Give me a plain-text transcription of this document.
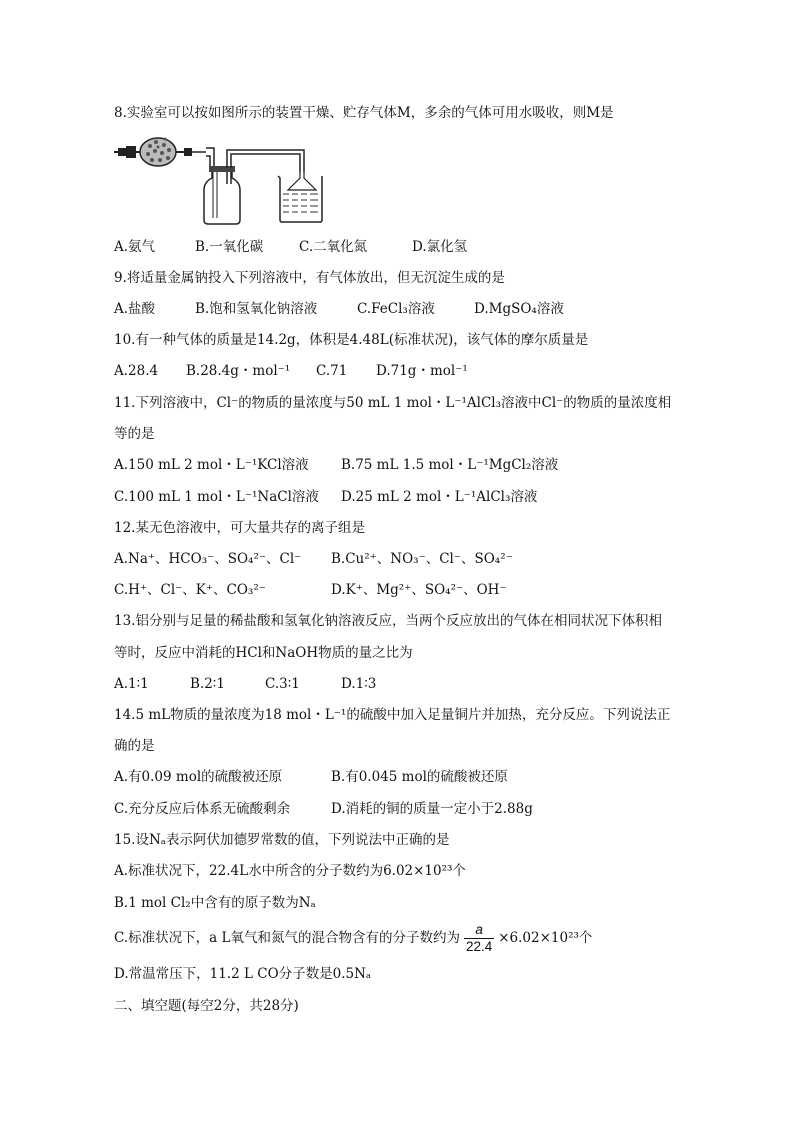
8.实验室可以按如图所示的装置干燥、贮存气体M，多余的气体可用水吸收，则M是
A.氨气	B.一氧化碳	C.二氧化氮	D.氯化氢
9.将适量金属钠投入下列溶液中，有气体放出，但无沉淀生成的是
A.盐酸	B.饱和氢氧化钠溶液	C.FeCl₃溶液	D.MgSO₄溶液
10.有一种气体的质量是14.2g，体积是4.48L(标准状况)，该气体的摩尔质量是
A.28.4 B.28.4g・mol⁻¹ C.71 D.71g・mol⁻¹
11.下列溶液中，Cl⁻的物质的量浓度与50 mL 1 mol・L⁻¹AlCl₃溶液中Cl⁻的物质的量浓度相
等的是
A.150 mL 2 mol・L⁻¹KCl溶液 B.75 mL 1.5 mol・L⁻¹MgCl₂溶液
C.100 mL 1 mol・L⁻¹NaCl溶液 D.25 mL 2 mol・L⁻¹AlCl₃溶液
12.某无色溶液中，可大量共存的离子组是
A.Na⁺、HCO₃⁻、SO₄²⁻、Cl⁻ B.Cu²⁺、NO₃⁻、Cl⁻、SO₄²⁻
C.H⁺、Cl⁻、K⁺、CO₃²⁻	D.K⁺、Mg²⁺、SO₄²⁻、OH⁻
13.铝分别与足量的稀盐酸和氢氧化钠溶液反应，当两个反应放出的气体在相同状况下体积相
等时，反应中消耗的HCl和NaOH物质的量之比为
A.1∶1	B.2∶1	C.3∶1	D.1∶3
14.5 mL物质的量浓度为18 mol・L⁻¹的硫酸中加入足量铜片并加热，充分反应。下列说法正
确的是
A.有0.09 mol的硫酸被还原	B.有0.045 mol的硫酸被还原
C.充分反应后体系无硫酸剩余	D.消耗的铜的质量一定小于2.88g
15.设Nₐ表示阿伏加德罗常数的值，下列说法中正确的是
A.标准状况下，22.4L水中所含的分子数约为6.02×10²³个
B.1 mol Cl₂中含有的原子数为Nₐ
C.标准状况下，a L氧气和氮气的混合物含有的分子数约为 $\frac{a}{22.4} \times 6.02\times 10^{23}$个
D.常温常压下，11.2 L CO分子数是0.5Nₐ
二、填空题(每空2分，共28分)
